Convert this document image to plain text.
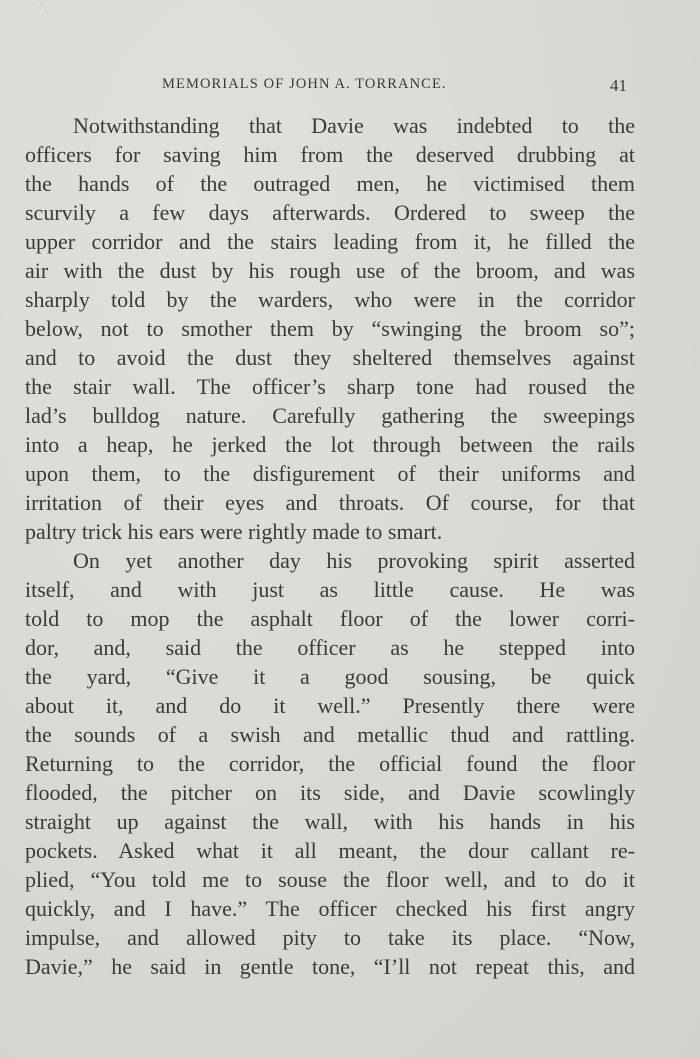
MEMORIALS OF JOHN A. TORRANCE.	41
Notwithstanding that Davie was indebted to the
officers for saving him from the deserved drubbing at
the hands of the outraged men, he victimised them
scurvily a few days afterwards. Ordered to sweep the
upper corridor and the stairs leading from it, he filled the
air with the dust by his rough use of the broom, and was
sharply told by the warders, who were in the corridor
below, not to smother them by “swinging the broom so”;
and to avoid the dust they sheltered themselves against
the stair wall. The officer’s sharp tone had roused the
lad’s bulldog nature. Carefully gathering the sweepings
into a heap, he jerked the lot through between the rails
upon them, to the disfigurement of their uniforms and
irritation of their eyes and throats. Of course, for that
paltry trick his ears were rightly made to smart.
On yet another day his provoking spirit asserted
itself, and with just as little cause. He was
told to mop the asphalt floor of the lower corri-
dor, and, said the officer as he stepped into
the yard, “Give it a good sousing, be quick
about it, and do it well.” Presently there were
the sounds of a swish and metallic thud and rattling.
Returning to the corridor, the official found the floor
flooded, the pitcher on its side, and Davie scowlingly
straight up against the wall, with his hands in his
pockets. Asked what it all meant, the dour callant re-
plied, “You told me to souse the floor well, and to do it
quickly, and I have.” The officer checked his first angry
impulse, and allowed pity to take its place. “Now,
Davie,” he said in gentle tone, “I’ll not repeat this, and
